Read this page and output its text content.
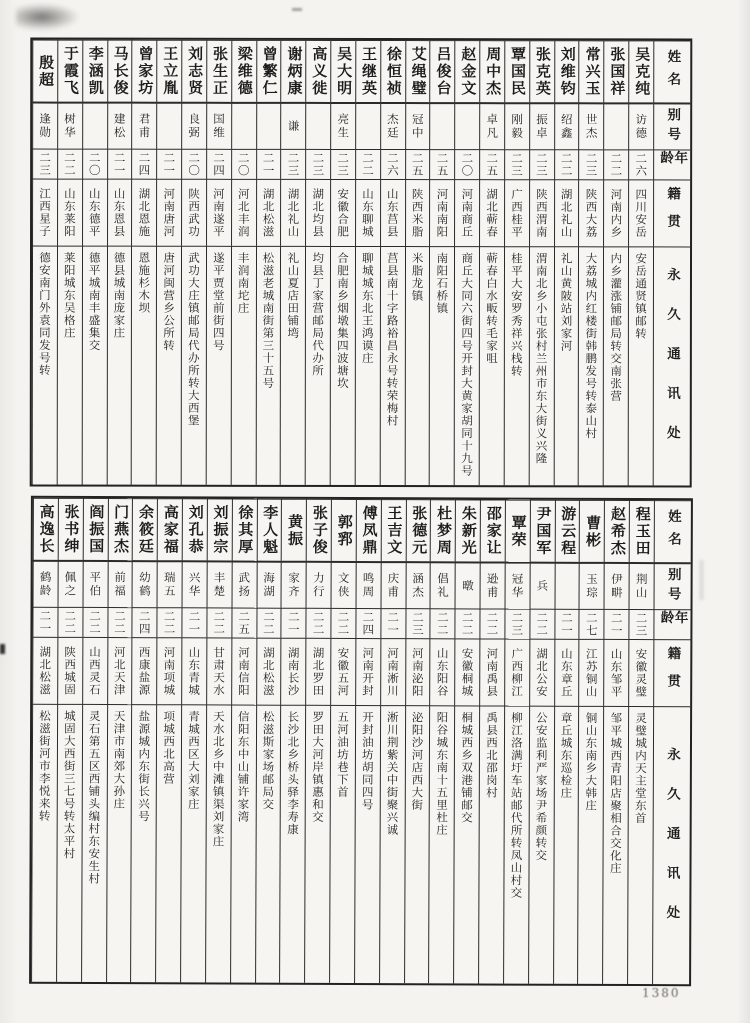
姓名
别号
年龄
籍贯
永久通讯处
吴克纯
访德
二六
四川安岳
安岳通贤镇邮转
张国祥
二二
河南内乡
内乡灌涨铺邮局转交南张营
常兴玉
世杰
二三
陕西大荔
大荔城内红楼街韩鹏发号转泰山村
刘维钧
绍鑫
二二
湖北礼山
礼山黄陂站刘家河
张克英
振卓
二三
陕西渭南
渭南北乡小屯张村兰州市东大街义兴隆
覃国民
刚毅
二三
广西桂平
桂平大安罗秀祥兴栈转
周中杰
卓凡
二五
湖北蕲春
蕲春白水畈转毛家咀
赵金文
二〇
河南商丘
商丘大同六街四号开封大黄家胡同十九号
吕俊台
二五
河南南阳
南阳石桥镇
艾绳璧
冠中
二五
陕西米脂
米脂龙镇
徐恒祯
杰廷
二六
山东莒县
莒县南十字路裕昌永号转荣梅村
王继英
二二
山东聊城
聊城城东北王鸿谟庄
吴大明
亮生
二三
安徽合肥
合肥南乡烟墩集四波塘坎
高义徙
二三
湖北均县
均县丁家营邮局代办所
谢炳康
谦
二三
湖北礼山
礼山夏店田铺塆
曾繁仁
二一
湖北松滋
松滋老城南街第三十五号
梁维德
二〇
河北丰润
丰润南坨庄
张生正
国维
二四
河南遂平
遂平贾堂前街四号
刘志贤
良弼
二〇
陕西武功
武功大庄镇邮局代办所转大西堡
王立胤
二一
河南唐河
唐河闽营乡公所转
曾家坊
君甫
二四
湖北恩施
恩施杉木坝
马长俊
建松
二一
山东恩县
德县城南庞家庄
李涵凯
二〇
山东德平
德平城南丰盛集交
于霞飞
树华
二二
山东莱阳
莱阳城东吴格庄
殷超
逢勋
二三
江西星子
德安南门外袁同发号转
姓名
别号
年龄
籍贯
永久通讯处
程玉田
荆山
二三
安徽灵璧
灵璧城内天主堂东首
赵希杰
伊畊
二一
山东邹平
邹平城西青阳店聚相合交化庄
曹彬
玉琮
二七
江苏铜山
铜山东南乡大韩庄
游云程
二一
山东章丘
章丘城东巡检庄
尹国军
兵
二二
湖北公安
公安监利严家场尹希颜转交
覃荣
冠华
二三
广西柳江
柳江洛满圩车站邮代所转凤山村交
邵家让
逊甫
二二
河南禹县
禹县西北邵岗村
朱新光
暾
二二
安徽桐城
桐城西乡双港铺邮交
杜梦周
倡礼
二二
山东阳谷
阳谷城东南十五里杜庄
张德元
涵杰
二三
河南泌阳
泌阳沙河店西大街
王吉文
庆甫
二一
河南淅川
淅川荆紫关中街聚兴诚
傅凤鼎
鸣周
二四
河南开封
开封油坊胡同四号
郭郛
文侠
二二
安徽五河
五河油坊巷下首
张子俊
力行
二二
湖北罗田
罗田大河岸镇惠和交
黄振
家齐
二一
湖南长沙
长沙北乡桥头驿李寿康
李人魁
海湖
二二
湖北松滋
松滋斯家场邮局交
徐其厚
武扬
二五
河南信阳
信阳东中山铺许家湾
刘振宗
丰楚
二二
甘肃天水
天水北乡中滩镇渠刘家庄
刘孔恭
兴华
二一
山东青城
青城西区大刘家庄
高家福
瑞五
二二
河南项城
项城西北高营
余筱廷
幼鹤
二四
西康盐源
盐源城内东街长兴号
门燕杰
前福
二二
河北天津
天津市南郊大孙庄
阎振国
平伯
二二
山西灵石
灵石第五区西铺头编村东安生村
张书绅
佩之
二二
陕西城固
城固大西街三七号转太平村
高逸长
鹤龄
二一
湖北松滋
松滋街河市李悦来转
1380
